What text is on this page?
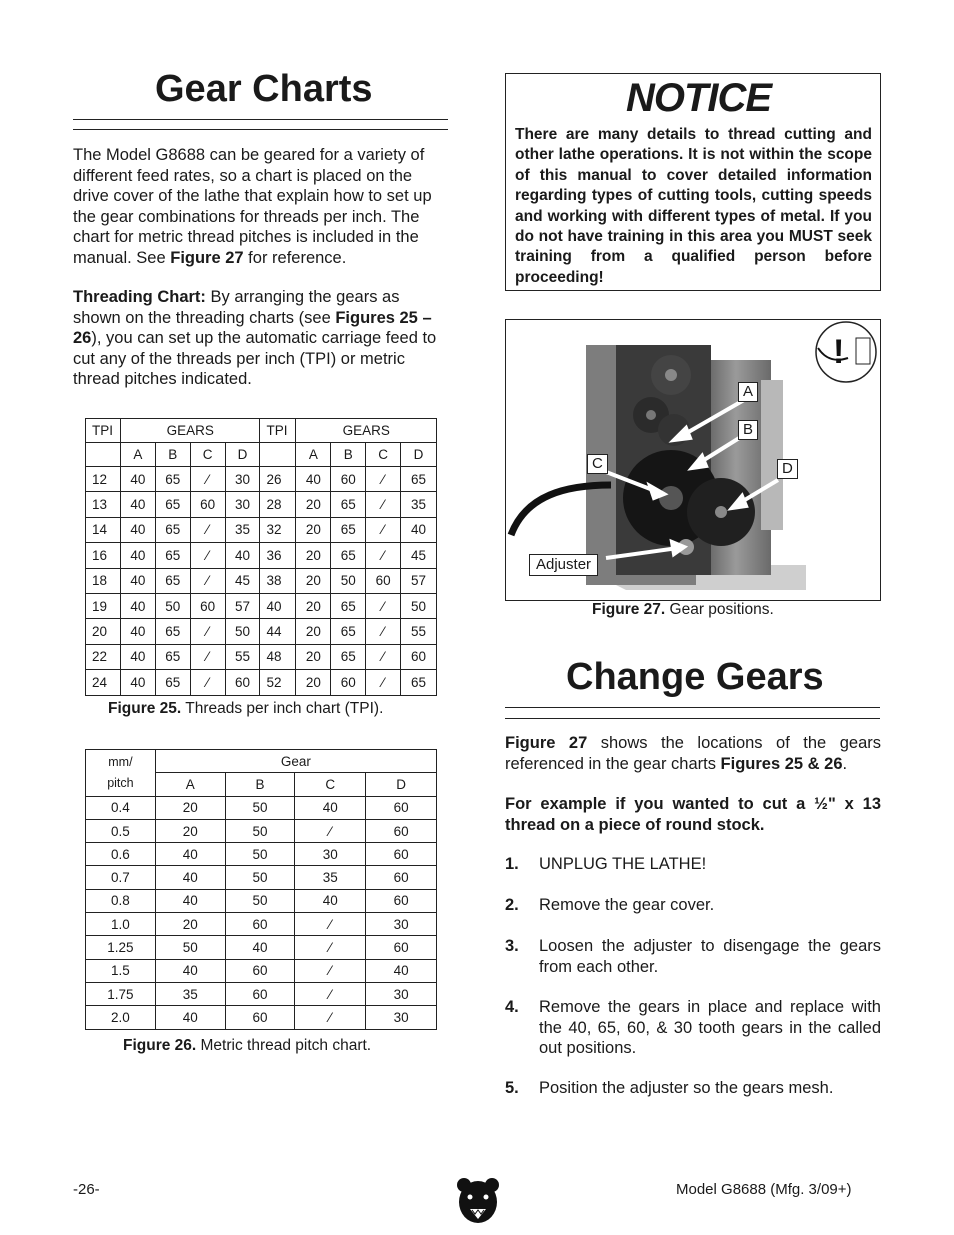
Gear Charts

The Model G8688 can be geared for a variety of different feed rates, so a chart is placed on the drive cover of the lathe that explain how to set up the gear combinations for threads per inch. The chart for metric thread pitches is included in the manual. See Figure 27 for reference.

Threading Chart: By arranging the gears as shown on the threading charts (see Figures 25 – 26), you can set up the automatic carriage feed to cut any of the threads per inch (TPI) or metric thread pitches indicated.

TPI	GEARS				TPI	GEARS			
	A	B	C	D		A	B	C	D
12	40	65	⁄	30	26	40	60	⁄	65
13	40	65	60	30	28	20	65	⁄	35
14	40	65	⁄	35	32	20	65	⁄	40
16	40	65	⁄	40	36	20	65	⁄	45
18	40	65	⁄	45	38	20	50	60	57
19	40	50	60	57	40	20	65	⁄	50
20	40	65	⁄	50	44	20	65	⁄	55
22	40	65	⁄	55	48	20	65	⁄	60
24	40	65	⁄	60	52	20	60	⁄	65

Figure 25. Threads per inch chart (TPI).

mm/
pitch	Gear			
	A	B	C	D
0.4	20	50	40	60
0.5	20	50	⁄	60
0.6	40	50	30	60
0.7	40	50	35	60
0.8	40	50	40	60
1.0	20	60	⁄	30
1.25	50	40	⁄	60
1.5	40	60	⁄	40
1.75	35	60	⁄	30
2.0	40	60	⁄	30

Figure 26. Metric thread pitch chart.

NOTICE

There are many details to thread cutting and other lathe operations. It is not within the scope of this manual to cover detailed information regarding types of cutting tools, cutting speeds and working with different types of metal. If you do not have training in this area you MUST seek training from a qualified person before proceeding!

!
A
B
C	D
Adjuster

Figure 27. Gear positions.

Change Gears

Figure 27 shows the locations of the gears referenced in the gear charts Figures 25 & 26.

For example if you wanted to cut a ½" x 13 thread on a piece of round stock.

1. UNPLUG THE LATHE!
2. Remove the gear cover.
3. Loosen the adjuster to disengage the gears from each other.
4. Remove the gears in place and replace with the 40, 65, 60, & 30 tooth gears in the called out positions.
5. Position the adjuster so the gears mesh.
-26-	Model G8688 (Mfg. 3/09+)
